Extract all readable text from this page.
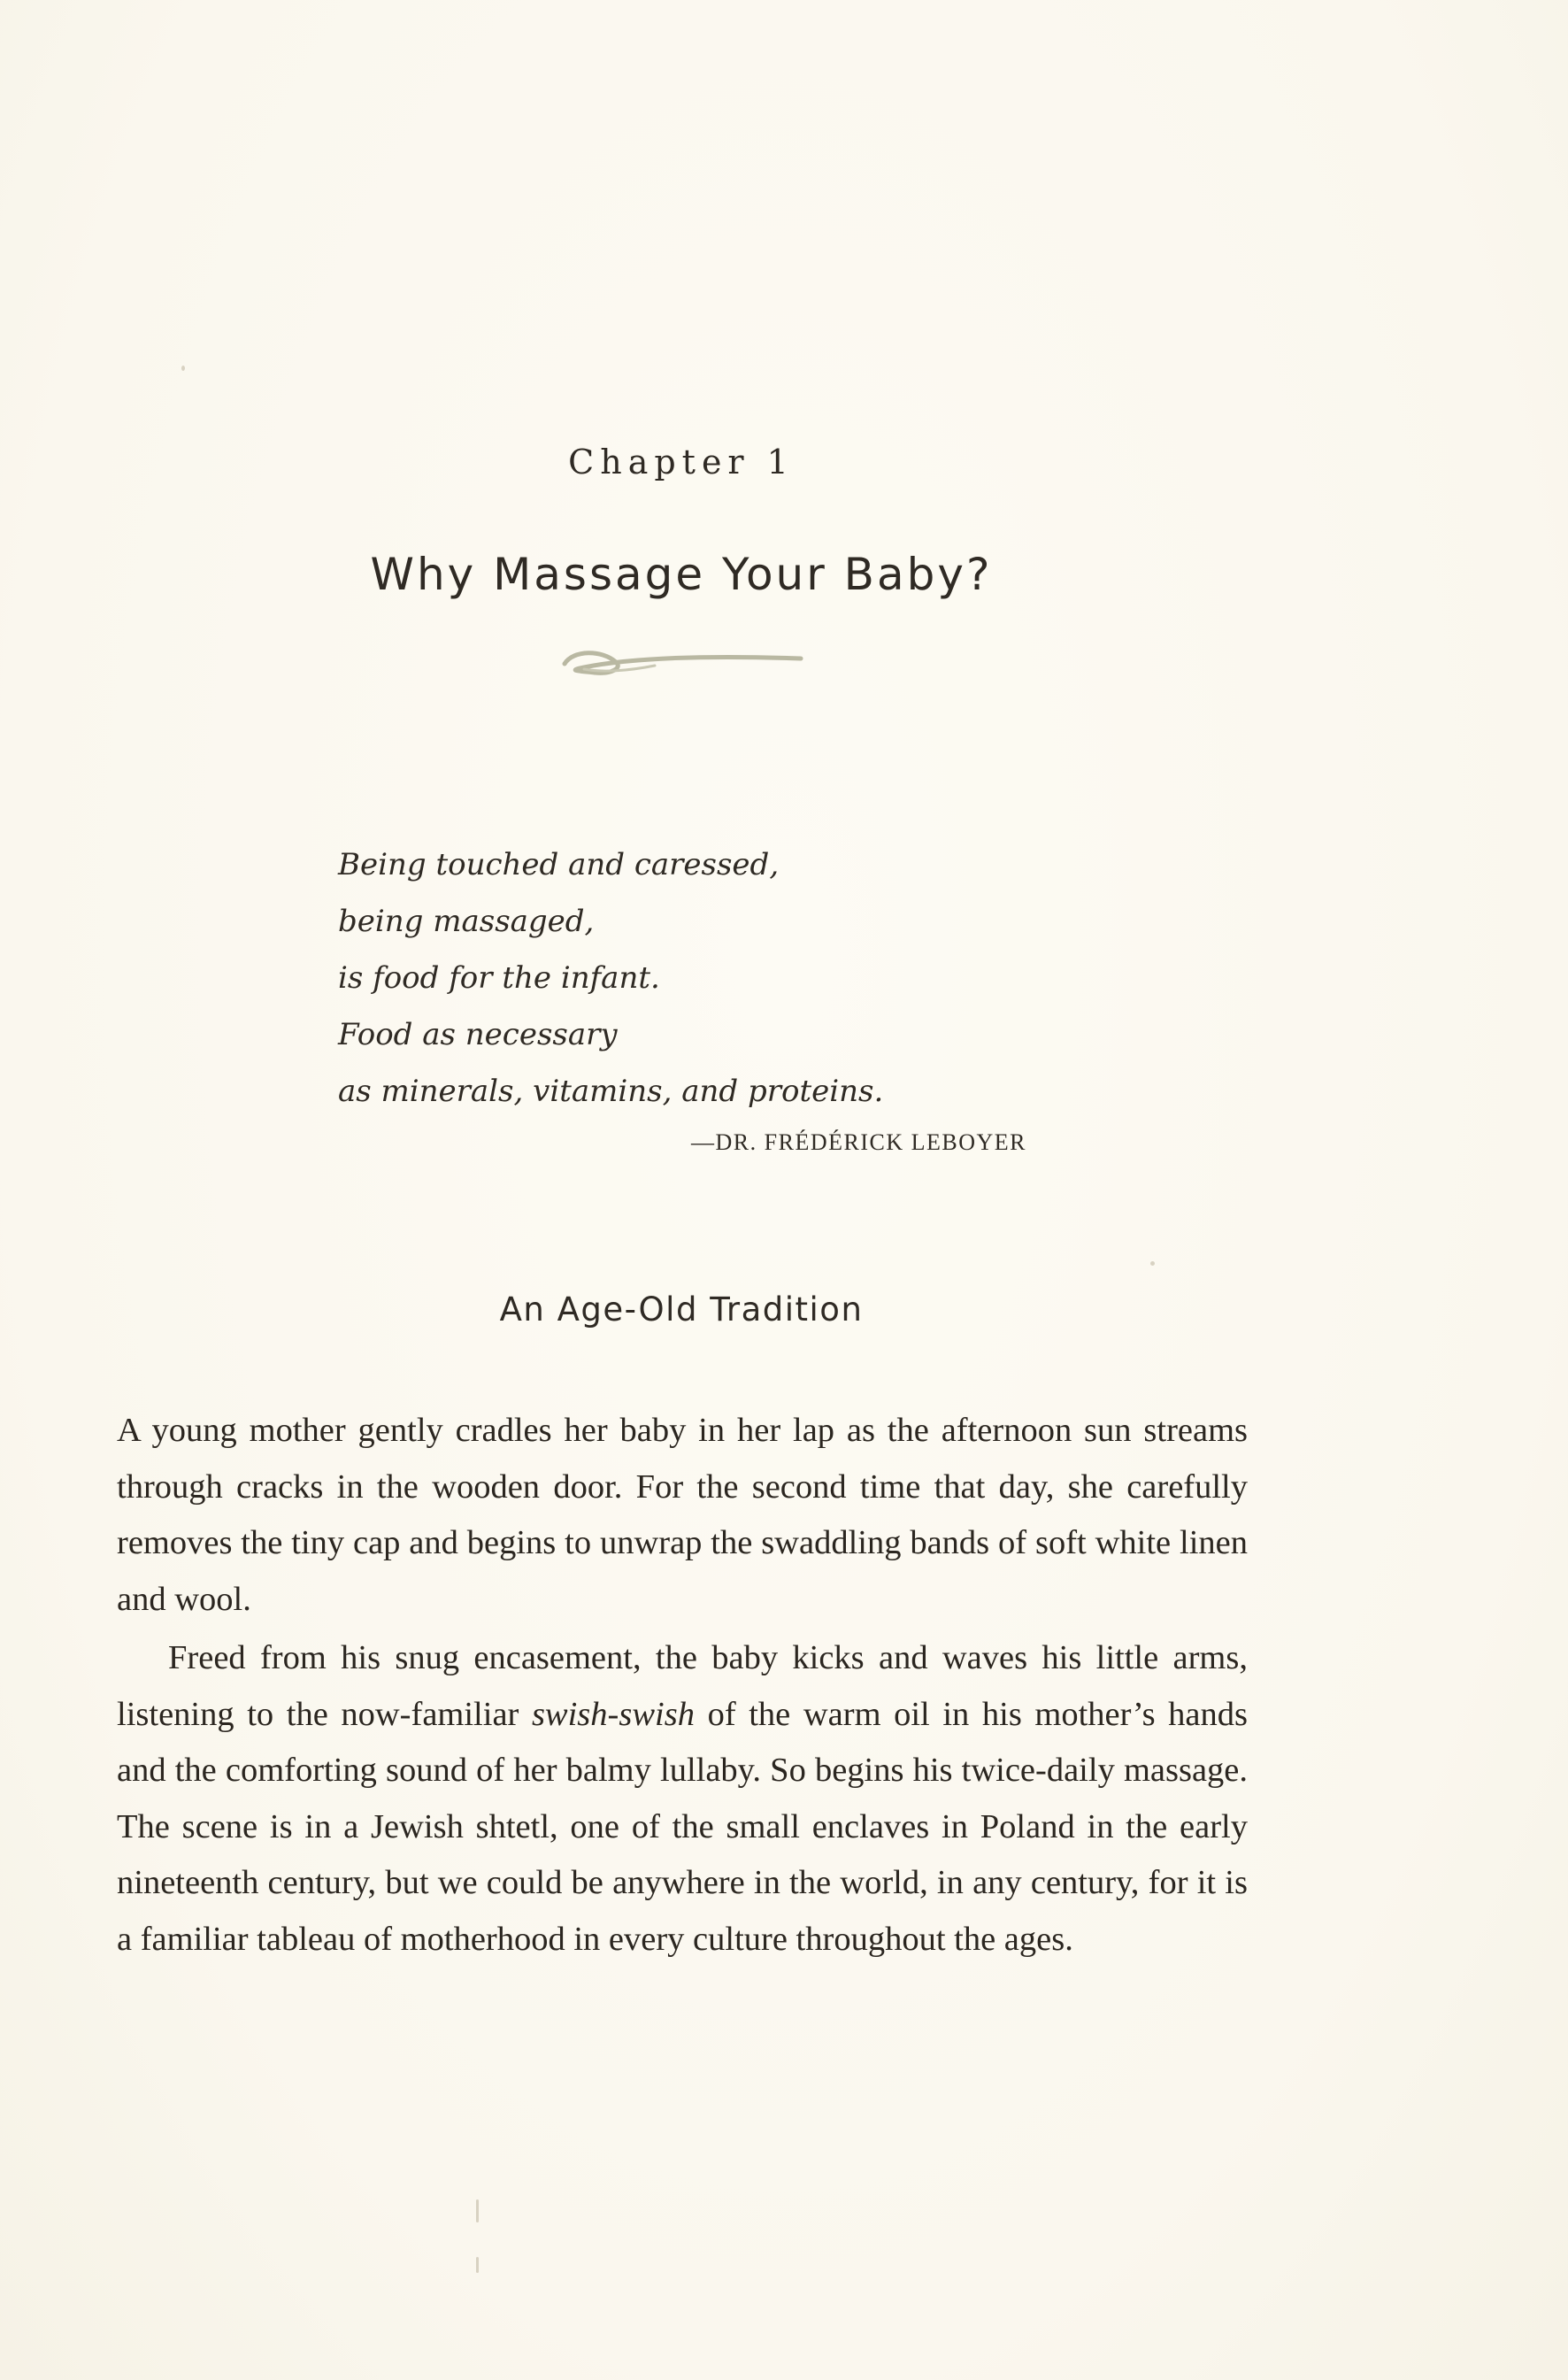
Chapter 1
Why Massage Your Baby?
Being touched and caressed,
being massaged,
is food for the infant.
Food as necessary
as minerals, vitamins, and proteins.
—DR. FRÉDÉRICK LEBOYER
An Age-Old Tradition

A young mother gently cradles her baby in her lap as the afternoon sun streams through cracks in the wooden door. For the second time that day, she carefully removes the tiny cap and begins to unwrap the swaddling bands of soft white linen and wool.

Freed from his snug encasement, the baby kicks and waves his little arms, listening to the now-familiar swish-swish of the warm oil in his mother’s hands and the comforting sound of her balmy lullaby. So begins his twice-daily massage. The scene is in a Jewish shtetl, one of the small enclaves in Poland in the early nineteenth century, but we could be anywhere in the world, in any century, for it is a familiar tableau of motherhood in every culture throughout the ages.
